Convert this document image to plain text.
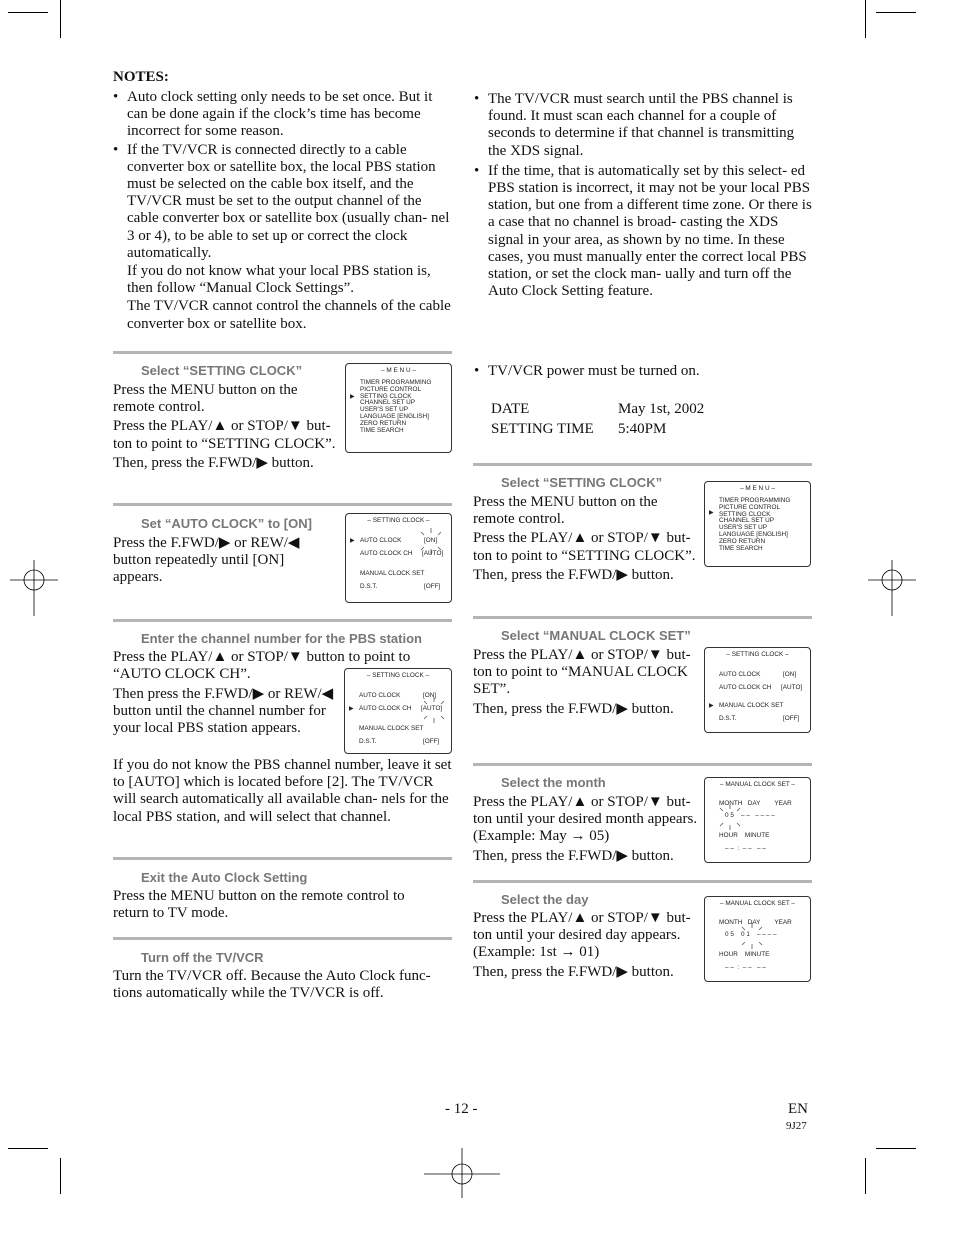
NOTES:
• Auto clock setting only needs to be set once. But it can be done again if the clock’s time has become incorrect for some reason.
• If the TV/VCR is connected directly to a cable converter box or satellite box, the local PBS station must be selected on the cable box itself, and the TV/VCR must be set to the output channel of the cable converter box or satellite box (usually chan- nel 3 or 4), to be able to set up or correct the clock automatically.
If you do not know what your local PBS station is, then follow “Manual Clock Settings”.
The TV/VCR cannot control the channels of the cable converter box or satellite box.
• The TV/VCR must search until the PBS channel is found. It must scan each channel for a couple of seconds to determine if that channel is transmitting the XDS signal.
• If the time, that is automatically set by this select- ed PBS station is incorrect, it may not be your local PBS station, but one from a different time zone. Or there is a case that no channel is broad- casting the XDS signal in your area, as shown by no time. In these cases, you must manually enter the correct local PBS station, or set the clock man- ually and turn off the Auto Clock Setting feature.
Select “SETTING CLOCK”

Press the MENU button on the remote control.

Press the PLAY/▲ or STOP/▼ but- ton to point to “SETTING CLOCK”.

Then, press the F.FWD/▶ button.

– M E N U –
▶
TIMER PROGRAMMING
PICTURE CONTROL
SETTING CLOCK
CHANNEL SET UP
USER'S SET UP
LANGUAGE [ENGLISH]
ZERO RETURN
TIME SEARCH
Set “AUTO CLOCK” to [ON]

Press the F.FWD/▶ or REW/◀ button repeatedly until [ON] appears.

– SETTING CLOCK –
▶ AUTO CLOCK	[ON]
AUTO CLOCK CH [AUTO]
MANUAL CLOCK SET
D.S.T.	[OFF]
Enter the channel number for the PBS station

Press the PLAY/▲ or STOP/▼ button to point to “AUTO CLOCK CH”.

Then press the F.FWD/▶ or REW/◀ button until the channel number for your local PBS station appears.

If you do not know the PBS channel number, leave it set to [AUTO] which is located before [2]. The TV/VCR will search automatically all available chan- nels for the local PBS station, and will select that channel.

– SETTING CLOCK –
AUTO CLOCK	[ON]
▶ AUTO CLOCK CH [AUTO]
MANUAL CLOCK SET
D.S.T.	[OFF]
Exit the Auto Clock Setting

Press the MENU button on the remote control to return to TV mode.

Turn off the TV/VCR

Turn the TV/VCR off. Because the Auto Clock func- tions automatically while the TV/VCR is off.

• TV/VCR power must be turned on.
DATE	May 1st, 2002
SETTING TIME 5:40PM
Select “SETTING CLOCK”

Press the MENU button on the remote control.

Press the PLAY/▲ or STOP/▼ but- ton to point to “SETTING CLOCK”.

Then, press the F.FWD/▶ button.

– M E N U –
▶
TIMER PROGRAMMING
PICTURE CONTROL
SETTING CLOCK
CHANNEL SET UP
USER'S SET UP
LANGUAGE [ENGLISH]
ZERO RETURN
TIME SEARCH
Select “MANUAL CLOCK SET”

Press the PLAY/▲ or STOP/▼ but- ton to point to “MANUAL CLOCK SET”.

Then, press the F.FWD/▶ button.

– SETTING CLOCK –
AUTO CLOCK	[ON]
AUTO CLOCK CH [AUTO]
▶ MANUAL CLOCK SET
D.S.T.	[OFF]
Select the month

Press the PLAY/▲ or STOP/▼ but- ton until your desired month appears. (Example: May → 05)

Then, press the F.FWD/▶ button.

– MANUAL CLOCK SET –
MONTH   DAY        YEAR
0 5    – –   – – – –
HOUR    MINUTE
– –  :  – –   – –
Select the day

Press the PLAY/▲ or STOP/▼ but- ton until your desired day appears. (Example: 1st → 01)

Then, press the F.FWD/▶ button.

– MANUAL CLOCK SET –
MONTH   DAY        YEAR
0 5    0 1    – – – –
HOUR    MINUTE
– –  :  – –   – –
- 12 -	EN
9J27
